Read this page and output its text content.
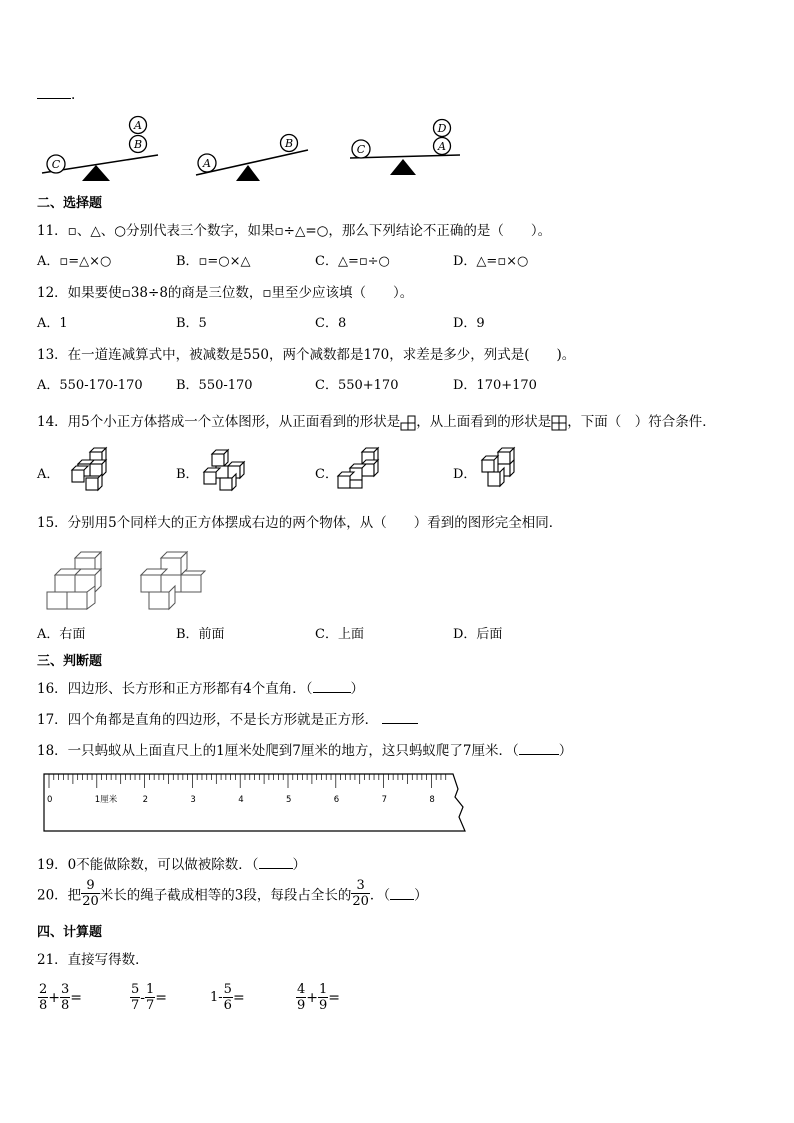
.
C
A
B
A
B	C
D
A
二、选择题
11．▫、△、○分别代表三个数字，如果▫÷△=○，那么下列结论不正确的是（　　）。
A．▫=△×○	B．▫=○×△	C．△=▫÷○	D．△=▫×○
12．如果要使▫38÷8的商是三位数，▫里至少应该填（　　）。
A．1	B．5	C．8	D．9
13．在一道连减算式中，被减数是550，两个减数都是170，求差是多少，列式是(　　)。
A．550-170-170	B．550-170	C．550+170	D．170+170
14．用5个小正方体搭成一个立体图形，从正面看到的形状是 ，从上面看到的形状是 ，下面（　）符合条件．
A．	B．	C．	D．
15．分别用5个同样大的正方体摆成右边的两个物体，从（　　）看到的图形完全相同．
A．右面	B．前面	C．上面	D．后面
三、判断题
16．四边形、长方形和正方形都有4个直角．（	）
17．四个角都是直角的四边形，不是长方形就是正方形．
18．一只蚂蚁从上面直尺上的1厘米处爬到7厘米的地方，这只蚂蚁爬了7厘米．（	）
0	1厘米	2	3	4	5	6	7	8
19．0不能做除数，可以做被除数．（	）
20．把 $\frac{9}{20}$ 米长的绳子截成相等的3段，每段占全长的 $\frac{3}{20}$ ．（ ）
四、计算题
21．直接写得数．
$\frac{2}{8} + \frac{3}{8}$ =	$\frac{5}{7} - \frac{1}{7}$ =	$1- \frac{5}{6}$ =	$\frac{4}{9} + \frac{1}{9}$ =
